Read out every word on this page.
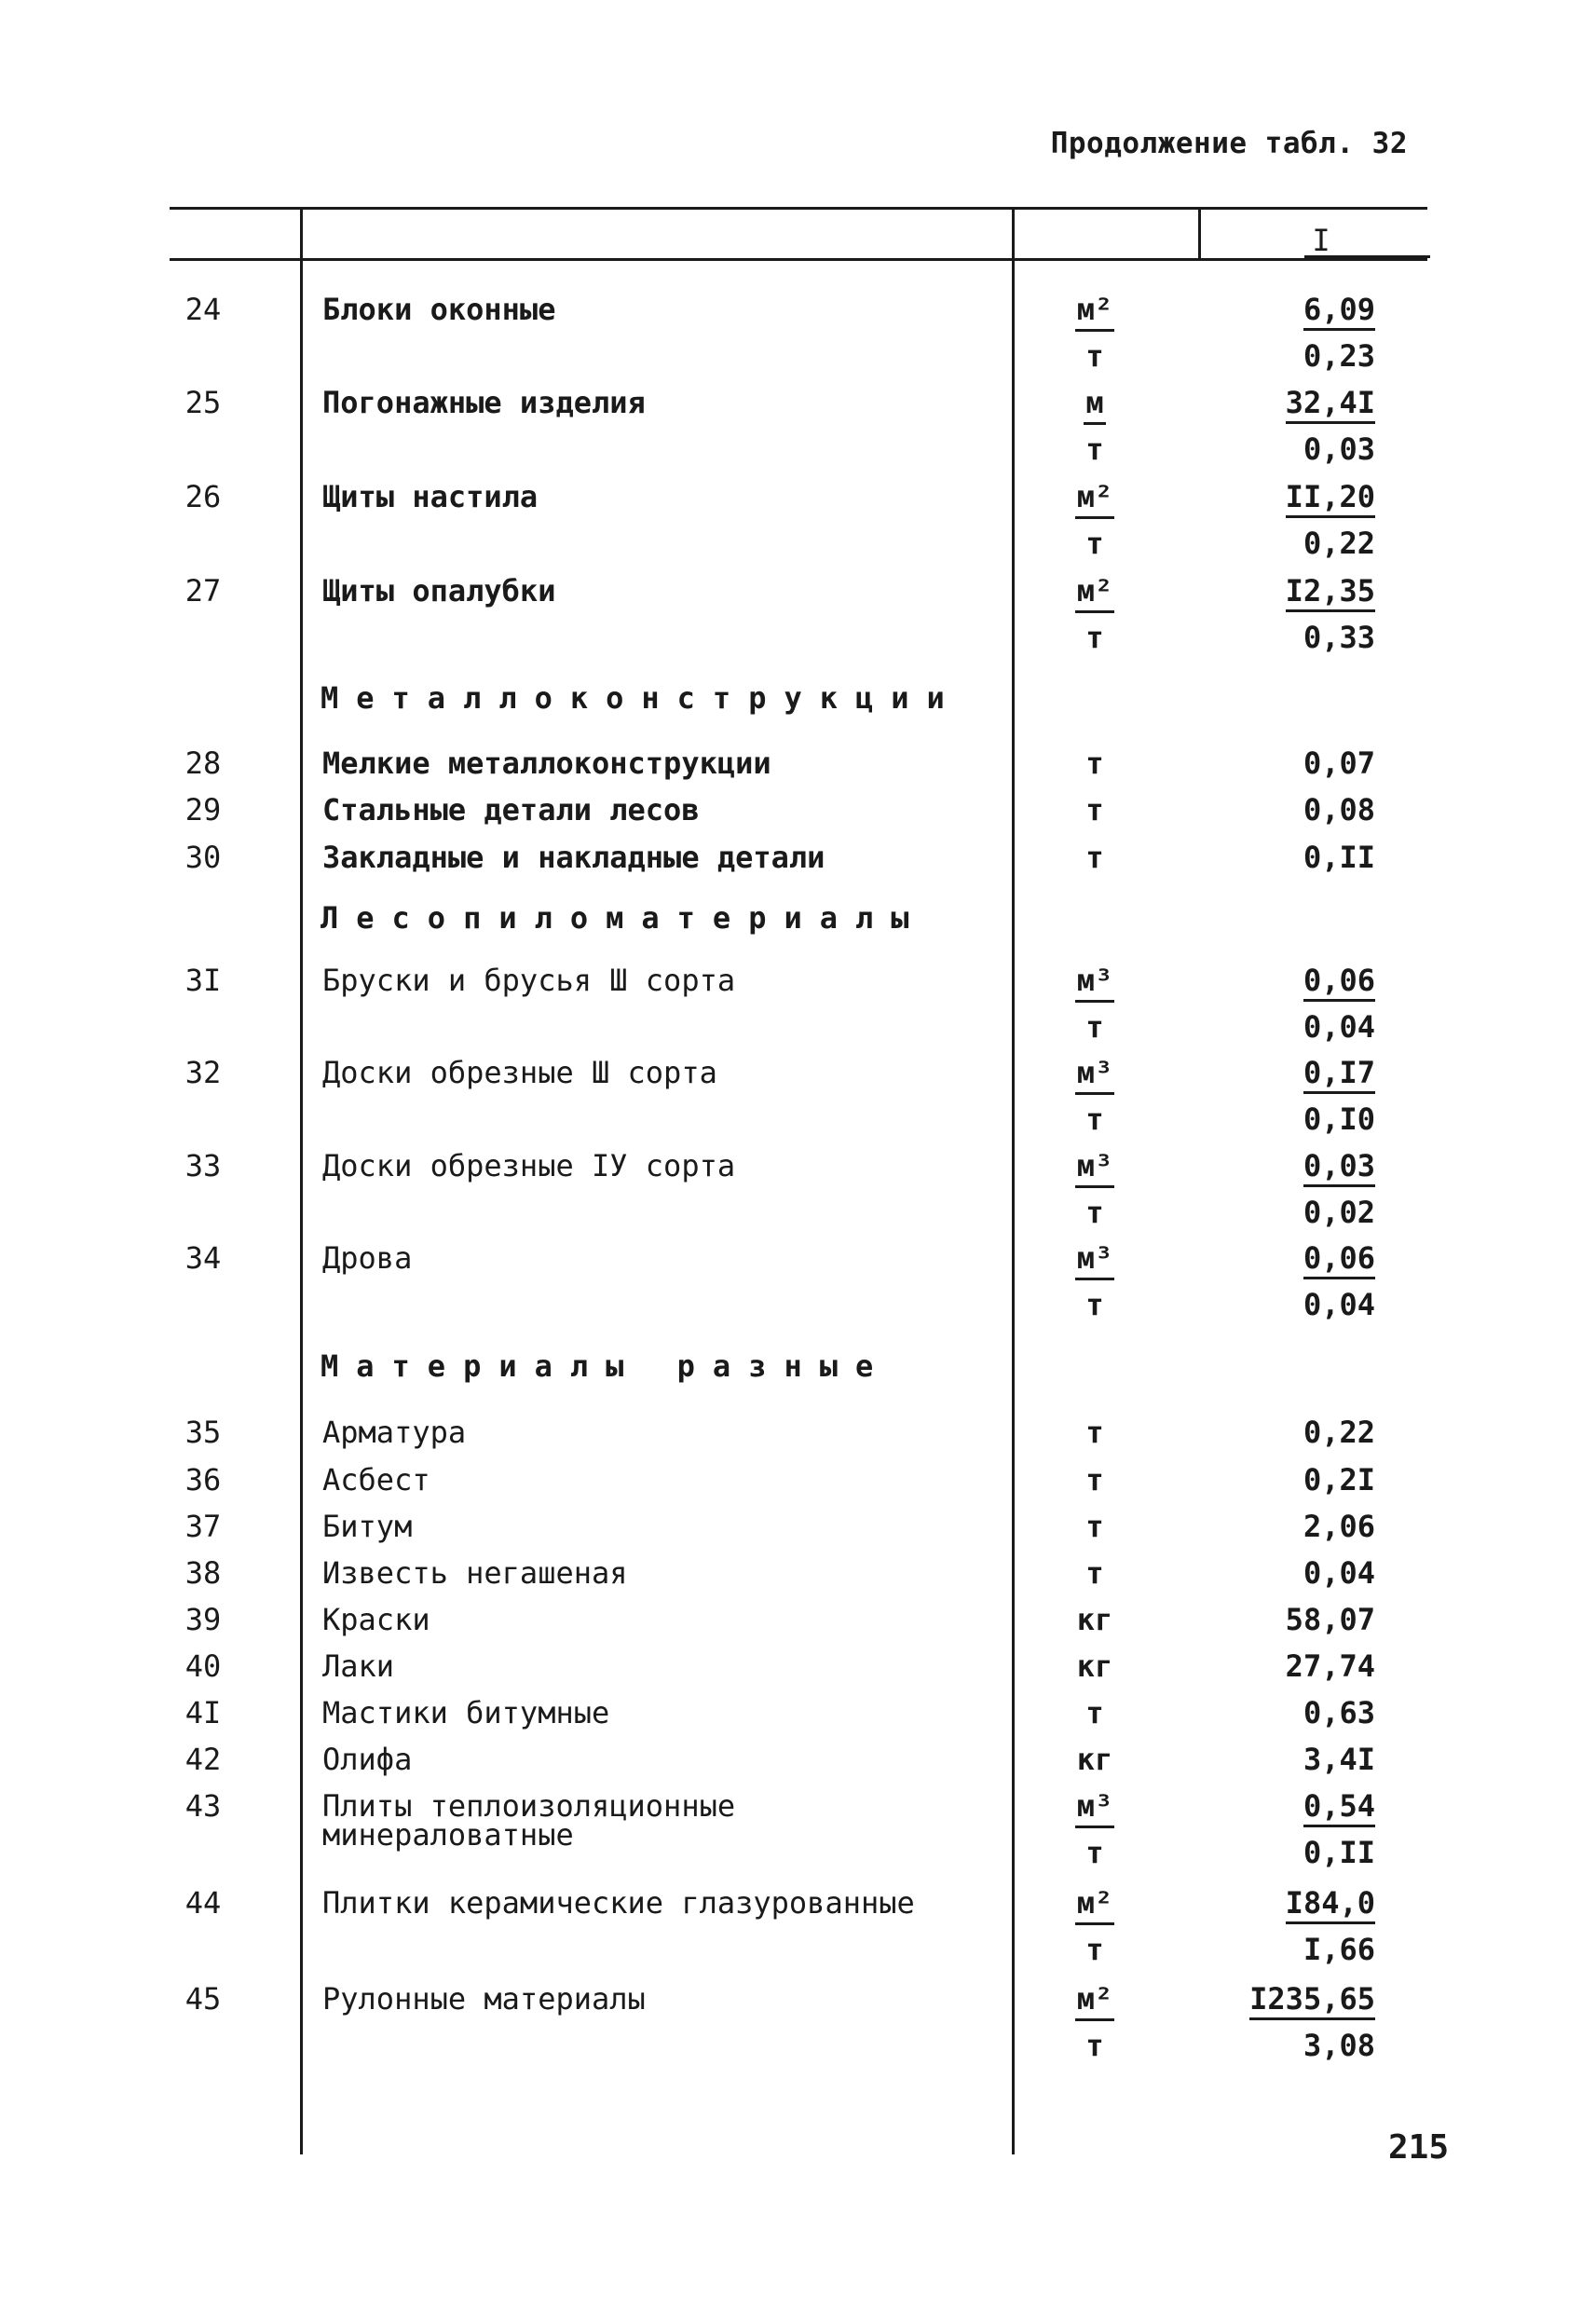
Продолжение табл. 32
I
24	Блоки оконные	м²	6,09
т	0,23
25	Погонажные изделия	м	32,4I
т	0,03
26	Щиты настила	м²	II,20
т	0,22
27	Щиты опалубки	м²	I2,35
т	0,33
Металлоконструкции
28	Мелкие металлоконструкции	т	0,07
29	Стальные детали лесов	т	0,08
30	Закладные и накладные детали	т	0,II
Лесопиломатериалы
3I	Бруски и брусья Ш сорта	м³	0,06
т	0,04
32	Доски обрезные Ш сорта	м³	0,I7
т	0,I0
33	Доски обрезные IУ сорта	м³	0,03
т	0,02
34	Дрова	м³	0,06
т	0,04
Материалы разные
35	Арматура	т	0,22
36	Асбест	т	0,2I
37	Битум	т	2,06
38	Известь негашеная	т	0,04
39	Краски	кг	58,07
40	Лаки	кг	27,74
4I	Мастики битумные	т	0,63
42	Олифа	кг	3,4I
43	Плиты теплоизоляционные
минераловатные
м³	0,54
т	0,II
44	Плитки керамические глазурованные	м²	I84,0
т	I,66
45	Рулонные материалы	м²	I235,65
т	3,08
215
